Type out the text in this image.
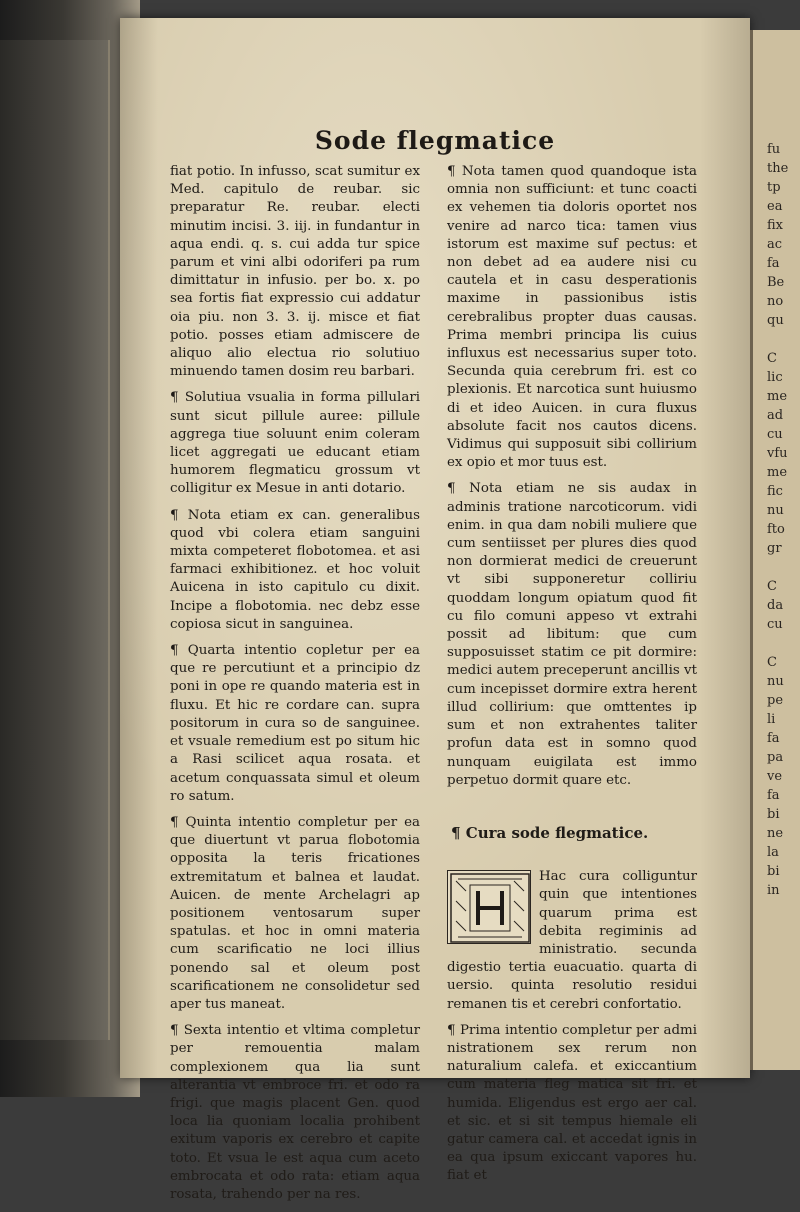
Sode flegmatice

fiat potio. In infusso, scat sumitur ex Med. capitulo de reubar. sic preparatur Re. reubar. electi minutim incisi. 3. iij. in fundantur in aqua endi. q. s. cui adda tur spice parum et vini albi odoriferi pa rum dimittatur in infusio. per bo. x. po sea fortis fiat expressio cui addatur oia piu. non 3. 3. ij. misce et fiat potio. posses etiam admiscere de aliquo alio electua rio solutiuo minuendo tamen dosim reu barbari.

¶ Solutiua vsualia in forma pillulari sunt sicut pillule auree: pillule aggrega tiue soluunt enim coleram licet aggregati ue educant etiam humorem flegmaticu grossum vt colligitur ex Mesue in anti dotario.

¶ Nota etiam ex can. generalibus quod vbi colera etiam sanguini mixta competeret flobotomea. et asi farmaci exhibitionez. et hoc voluit Auicena in isto capitulo cu dixit. Incipe a flobotomia. nec debz esse copiosa sicut in sanguinea.

¶ Quarta intentio copletur per ea que re percutiunt et a principio dz poni in ope re quando materia est in fluxu. Et hic re cordare can. supra positorum in cura so de sanguinee. et vsuale remedium est po situm hic a Rasi scilicet aqua rosata. et acetum conquassata simul et oleum ro satum.

¶ Quinta intentio completur per ea que diuertunt vt parua flobotomia opposita la teris fricationes extremitatum et balnea et laudat. Auicen. de mente Archelagri ap positionem ventosarum super spatulas. et hoc in omni materia cum scarificatio ne loci illius ponendo sal et oleum post scarificationem ne consolidetur sed aper tus maneat.

¶ Sexta intentio et vltima completur per remouentia malam complexionem qua lia sunt alterantia vt embroce fri. et odo ra frigi. que magis placent Gen. quod loca lia quoniam localia prohibent exitum vaporis ex cerebro et capite toto. Et vsua le est aqua cum aceto embrocata et odo rata: etiam aqua rosata, trahendo per na res.

¶ Nota tamen quod quandoque ista omnia non sufficiunt: et tunc coacti ex vehemen tia doloris oportet nos venire ad narco tica: tamen vius istorum est maxime suf pectus: et non debet ad ea audere nisi cu cautela et in casu desperationis maxime in passionibus istis cerebralibus propter duas causas. Prima membri principa lis cuius influxus est necessarius super toto. Secunda quia cerebrum fri. est co plexionis. Et narcotica sunt huiusmo di et ideo Auicen. in cura fluxus absolute facit nos cautos dicens. Vidimus qui supposuit sibi collirium ex opio et mor tuus est.

¶ Nota etiam ne sis audax in adminis tratione narcoticorum. vidi enim. in qua dam nobili muliere que cum sentiisset per plures dies quod non dormierat medici de creuerunt vt sibi supponeretur colliriu quoddam longum opiatum quod fit cu filo comuni appeso vt extrahi possit ad libitum: que cum supposuisset statim ce pit dormire: medici autem preceperunt ancillis vt cum incepisset dormire extra herent illud collirium: que omttentes ip sum et non extrahentes taliter profun data est in somno quod nunquam euigilata est immo perpetuo dormit quare etc.

¶ Cura sode flegmatice.

Hac cura colliguntur quin que intentiones quarum prima est debita regiminis ad ministratio. secunda digestio tertia euacuatio. quarta di uersio. quinta resolutio residui remanen tis et cerebri confortatio.

¶ Prima intentio completur per admi nistrationem sex rerum non naturalium calefa. et exiccantium cum materia fleg matica sit fri. et humida. Eligendus est ergo aer cal. et sic. et si sit tempus hiemale eli gatur camera cal. et accedat ignis in ea qua ipsum exiccant vapores hu. fiat et

fu
the
tp
ea
fix
ac
fa
Be
no
qu

C
lic
me
ad
cu
vfu
me
fic
nu
fto
gr

C
da
cu

C
nu
pe
li
fa
pa
ve
fa
bi
ne
la
bi
in
